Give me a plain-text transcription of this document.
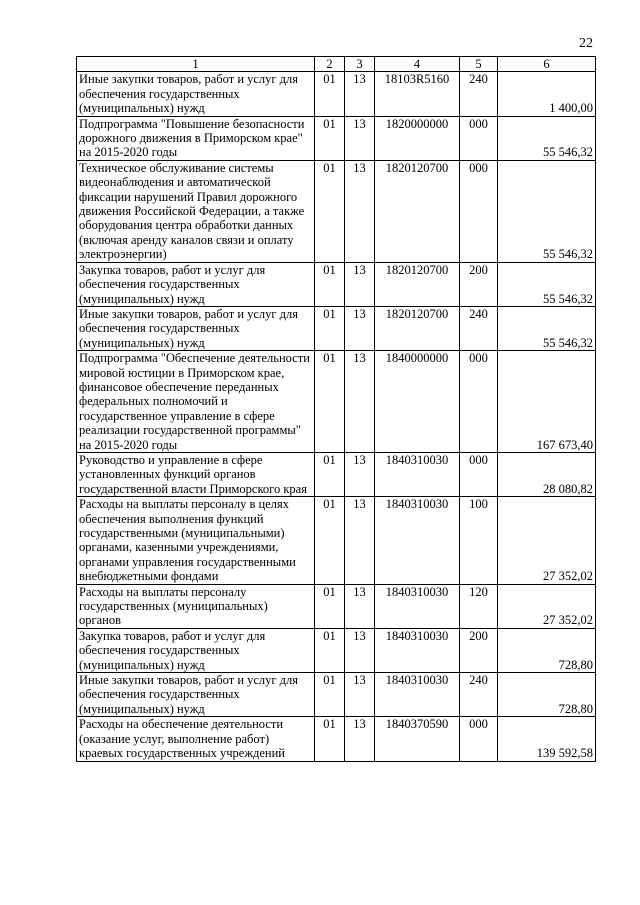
22
1	2	3	4	5	6
Иные закупки товаров, работ и услуг для обеспечения государственных (муниципальных) нужд	01	13	18103R5160	240	1 400,00
Подпрограмма "Повышение безопасности дорожного движения в Приморском крае" на 2015-2020 годы	01	13	1820000000	000	55 546,32
Техническое обслуживание системы видеонаблюдения и автоматической фиксации нарушений Правил дорожного движения Российской Федерации, а также оборудования центра обработки данных (включая аренду каналов связи и оплату электроэнергии)	01	13	1820120700	000	55 546,32
Закупка товаров, работ и услуг для обеспечения государственных (муниципальных) нужд	01	13	1820120700	200	55 546,32
Иные закупки товаров, работ и услуг для обеспечения государственных (муниципальных) нужд	01	13	1820120700	240	55 546,32
Подпрограмма "Обеспечение деятельности мировой юстиции в Приморском крае, финансовое обеспечение переданных федеральных полномочий и государственное управление в сфере реализации государственной программы" на 2015-2020 годы	01	13	1840000000	000	167 673,40
Руководство и управление в сфере установленных функций органов государственной власти Приморского края	01	13	1840310030	000	28 080,82
Расходы на выплаты персоналу в целях обеспечения выполнения функций государственными (муниципальными) органами, казенными учреждениями, органами управления государственными внебюджетными фондами	01	13	1840310030	100	27 352,02
Расходы на выплаты персоналу государственных (муниципальных) органов	01	13	1840310030	120	27 352,02
Закупка товаров, работ и услуг для обеспечения государственных (муниципальных) нужд	01	13	1840310030	200	728,80
Иные закупки товаров, работ и услуг для обеспечения государственных (муниципальных) нужд	01	13	1840310030	240	728,80
Расходы на обеспечение деятельности (оказание услуг, выполнение работ) краевых государственных учреждений	01	13	1840370590	000	139 592,58
